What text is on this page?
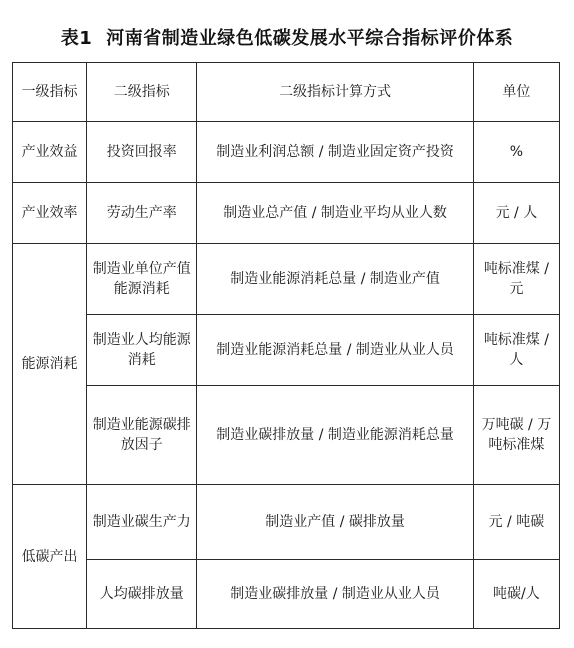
表1 河南省制造业绿色低碳发展水平综合指标评价体系
一级指标	二级指标	二级指标计算方式	单位
产业效益	投资回报率	制造业利润总额 / 制造业固定资产投资	%
产业效率	劳动生产率	制造业总产值 / 制造业平均从业人数	元 / 人
能源消耗	制造业单位产值能源消耗	制造业能源消耗总量 / 制造业产值	吨标准煤 / 元
	制造业人均能源消耗	制造业能源消耗总量 / 制造业从业人员	吨标准煤 / 人
	制造业能源碳排放因子	制造业碳排放量 / 制造业能源消耗总量	万吨碳 / 万吨标准煤
低碳产出	制造业碳生产力	制造业产值 / 碳排放量	元 / 吨碳
	人均碳排放量	制造业碳排放量 / 制造业从业人员	吨碳/人
